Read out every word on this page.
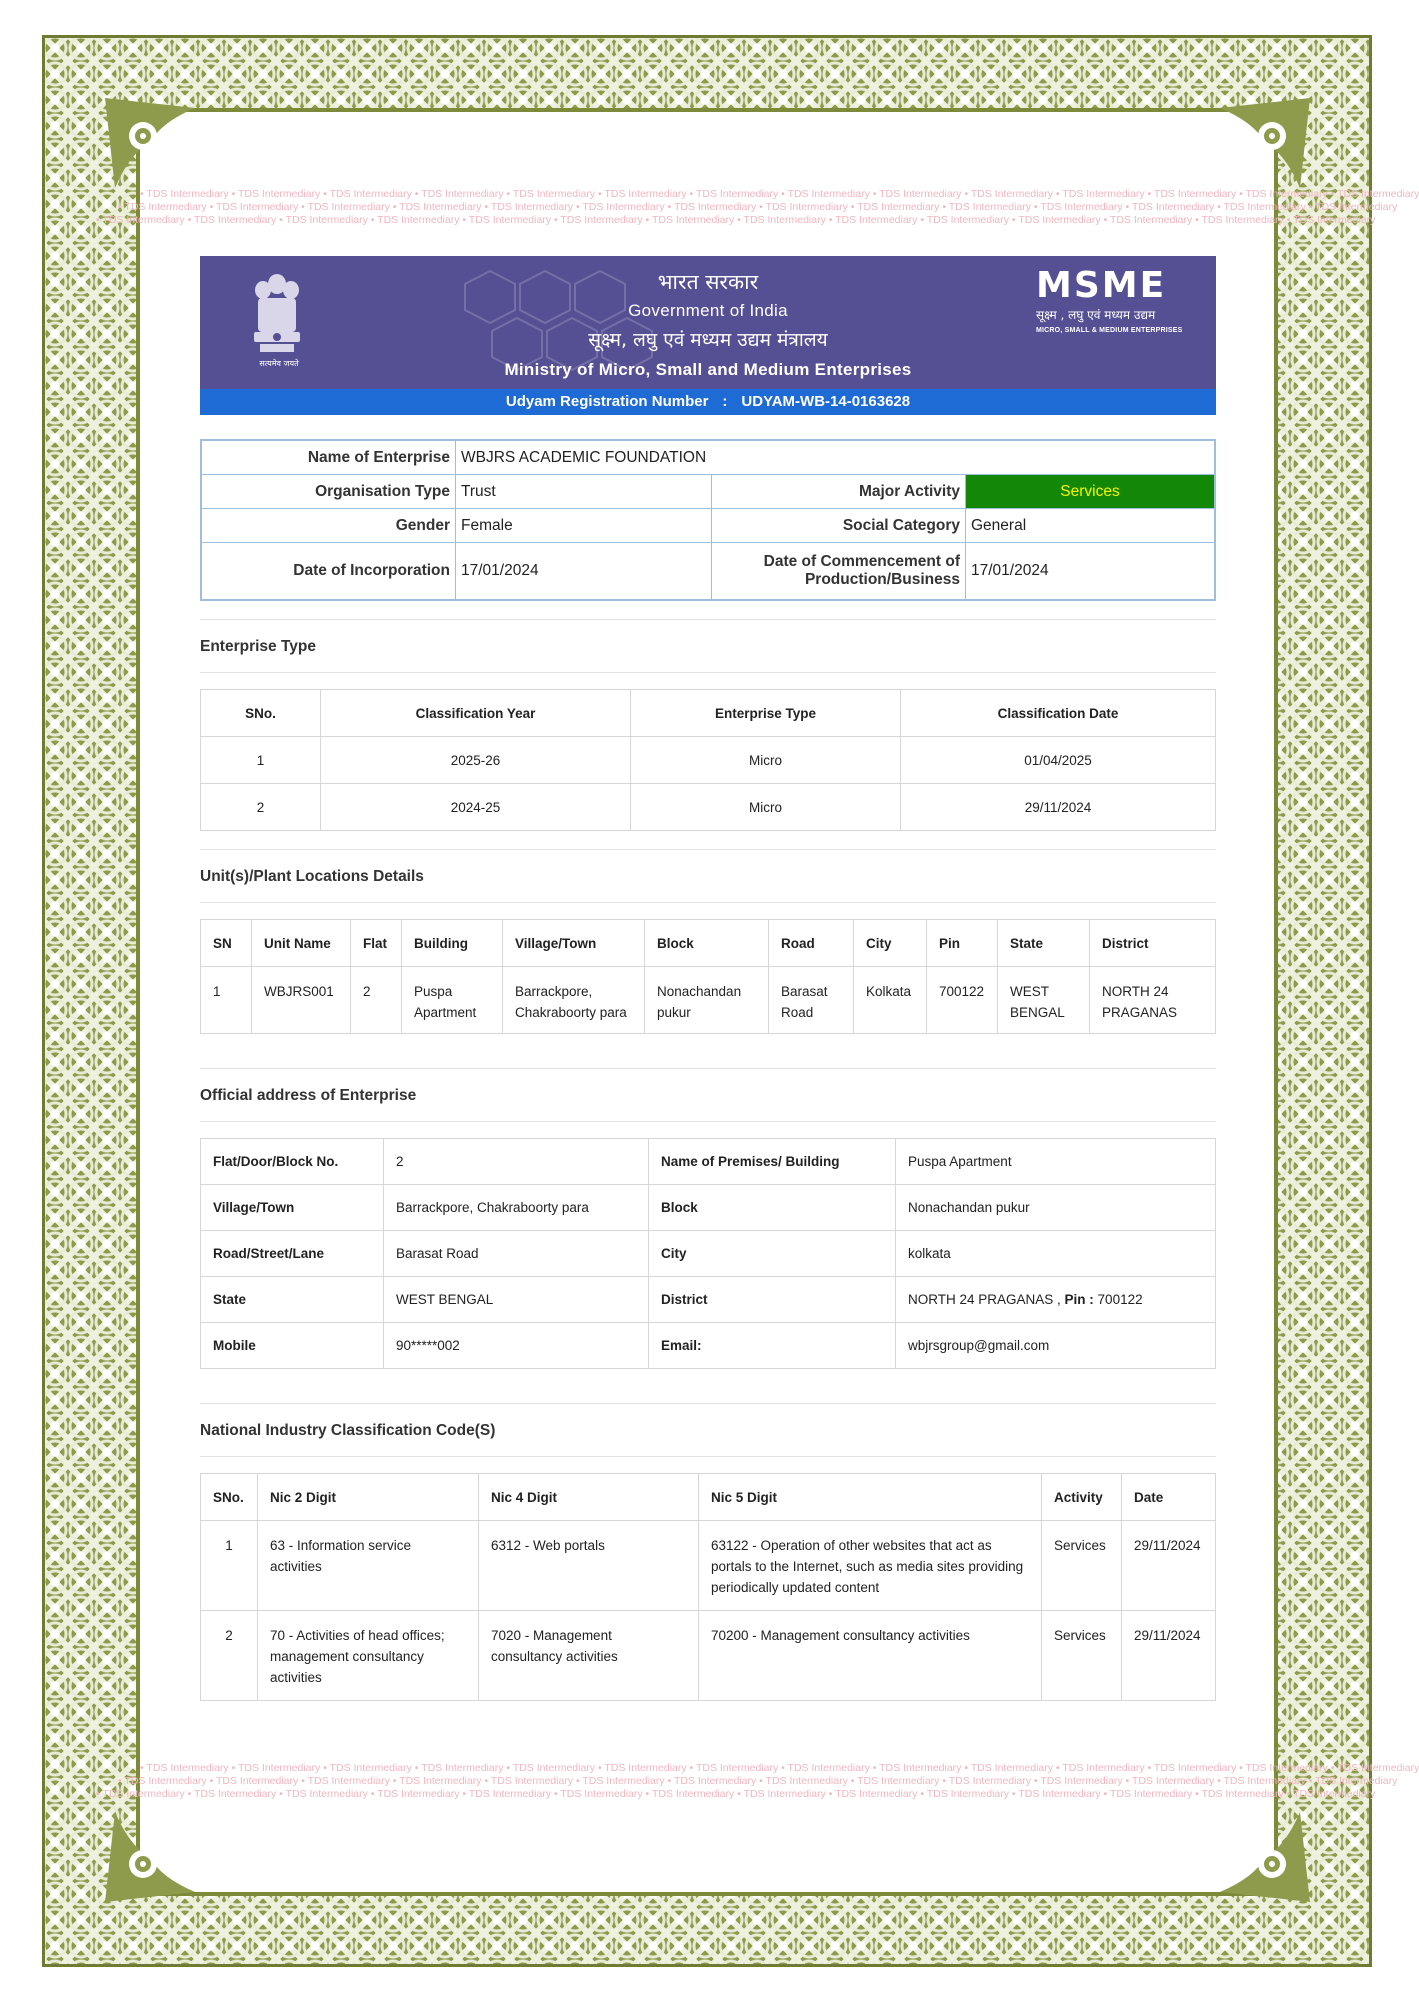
• TDS Intermediary • TDS Intermediary • TDS Intermediary • TDS Intermediary • TDS Intermediary • TDS Intermediary • TDS Intermediary • TDS Intermediary • TDS Intermediary • TDS Intermediary • TDS Intermediary • TDS Intermediary • TDS Intermediary • TDS Intermediary
• TDS Intermediary • TDS Intermediary • TDS Intermediary • TDS Intermediary • TDS Intermediary • TDS Intermediary • TDS Intermediary • TDS Intermediary • TDS Intermediary • TDS Intermediary • TDS Intermediary • TDS Intermediary • TDS Intermediary • TDS Intermediary
• TDS Intermediary • TDS Intermediary • TDS Intermediary • TDS Intermediary • TDS Intermediary • TDS Intermediary • TDS Intermediary • TDS Intermediary • TDS Intermediary • TDS Intermediary • TDS Intermediary • TDS Intermediary • TDS Intermediary • TDS Intermediary
• TDS Intermediary • TDS Intermediary • TDS Intermediary • TDS Intermediary • TDS Intermediary • TDS Intermediary • TDS Intermediary • TDS Intermediary • TDS Intermediary • TDS Intermediary • TDS Intermediary • TDS Intermediary • TDS Intermediary • TDS Intermediary
• TDS Intermediary • TDS Intermediary • TDS Intermediary • TDS Intermediary • TDS Intermediary • TDS Intermediary • TDS Intermediary • TDS Intermediary • TDS Intermediary • TDS Intermediary • TDS Intermediary • TDS Intermediary • TDS Intermediary • TDS Intermediary
• TDS Intermediary • TDS Intermediary • TDS Intermediary • TDS Intermediary • TDS Intermediary • TDS Intermediary • TDS Intermediary • TDS Intermediary • TDS Intermediary • TDS Intermediary • TDS Intermediary • TDS Intermediary • TDS Intermediary • TDS Intermediary
सत्यमेव जयते
भारत सरकार
Government of India
सूक्ष्म, लघु एवं मध्यम उद्यम मंत्रालय
Ministry of Micro, Small and Medium Enterprises
MSME
सूक्ष्म , लघु एवं मध्यम उद्यम
MICRO, SMALL & MEDIUM ENTERPRISES
Udyam Registration Number : UDYAM-WB-14-0163628
Name of Enterprise	WBJRS ACADEMIC FOUNDATION		
Organisation Type	Trust	Major Activity	Services
Gender	Female	Social Category	General
Date of Incorporation	17/01/2024	Date of Commencement of
Production/Business	17/01/2024
Enterprise Type
SNo.	Classification Year	Enterprise Type	Classification Date
1	2025-26	Micro	01/04/2025
2	2024-25	Micro	29/11/2024
Unit(s)/Plant Locations Details
SN	Unit Name	Flat	Building	Village/Town	Block	Road	City	Pin	State	District
1	WBJRS001	2	Puspa Apartment	Barrackpore, Chakraboorty para	Nonachandan pukur	Barasat Road	Kolkata	700122	WEST BENGAL	NORTH 24 PRAGANAS
Official address of Enterprise
Flat/Door/Block No.	2	Name of Premises/ Building	Puspa Apartment
Village/Town	Barrackpore, Chakraboorty para	Block	Nonachandan pukur
Road/Street/Lane	Barasat Road	City	kolkata
State	WEST BENGAL	District	NORTH 24 PRAGANAS , Pin : 700122
Mobile	90*****002	Email:	wbjrsgroup@gmail.com
National Industry Classification Code(S)
SNo.	Nic 2 Digit	Nic 4 Digit	Nic 5 Digit	Activity	Date
1	63 - Information service activities	6312 - Web portals	63122 - Operation of other websites that act as portals to the Internet, such as media sites providing periodically updated content	Services	29/11/2024
2	70 - Activities of head offices; management consultancy activities	7020 - Management consultancy activities	70200 - Management consultancy activities	Services	29/11/2024
